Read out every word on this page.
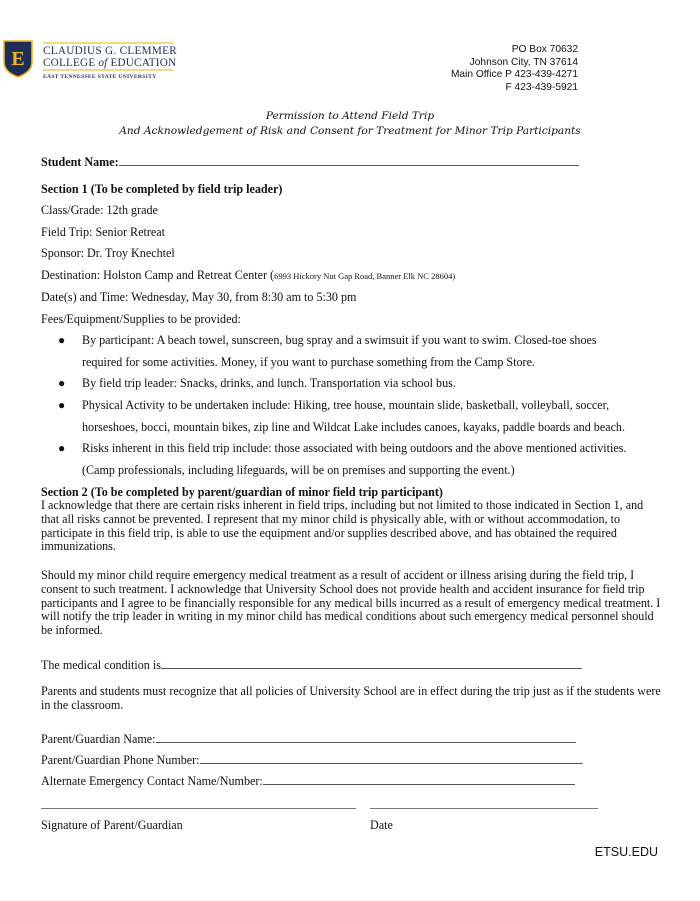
E CLAUDIUS G. CLEMMER
COLLEGE of EDUCATION
EAST TENNESSEE STATE UNIVERSITY
PO Box 70632
Johnson City, TN 37614
Main Office P 423-439-4271
F 423-439-5921
Permission to Attend Field Trip
And Acknowledgement of Risk and Consent for Treatment for Minor Trip Participants
Student Name:
Section 1 (To be completed by field trip leader)
Class/Grade: 12th grade
Field Trip: Senior Retreat
Sponsor: Dr. Troy Knechtel
Destination: Holston Camp and Retreat Center (6993 Hickory Nut Gap Road, Banner Elk NC 28604)
Date(s) and Time: Wednesday, May 30, from 8:30 am to 5:30 pm
Fees/Equipment/Supplies to be provided:
● By participant: A beach towel, sunscreen, bug spray and a swimsuit if you want to swim. Closed-toe shoes
required for some activities. Money, if you want to purchase something from the Camp Store.
● By field trip leader: Snacks, drinks, and lunch. Transportation via school bus.
● Physical Activity to be undertaken include: Hiking, tree house, mountain slide, basketball, volleyball, soccer,
horseshoes, bocci, mountain bikes, zip line and Wildcat Lake includes canoes, kayaks, paddle boards and beach.
● Risks inherent in this field trip include: those associated with being outdoors and the above mentioned activities.
(Camp professionals, including lifeguards, will be on premises and supporting the event.)
Section 2 (To be completed by parent/guardian of minor field trip participant)
I acknowledge that there are certain risks inherent in field trips, including but not limited to those indicated in Section 1, and that all risks cannot be prevented. I represent that my minor child is physically able, with or without accommodation, to participate in this field trip, is able to use the equipment and/or supplies described above, and has obtained the required immunizations.
Should my minor child require emergency medical treatment as a result of accident or illness arising during the field trip, I consent to such treatment. I acknowledge that University School does not provide health and accident insurance for field trip participants and I agree to be financially responsible for any medical bills incurred as a result of emergency medical treatment. I will notify the trip leader in writing in my minor child has medical conditions about such emergency medical personnel should be informed.
The medical condition is
Parents and students must recognize that all policies of University School are in effect during the trip just as if the students were in the classroom.
Parent/Guardian Name:
Parent/Guardian Phone Number:
Alternate Emergency Contact Name/Number:
Signature of Parent/Guardian	Date
ETSU.EDU
